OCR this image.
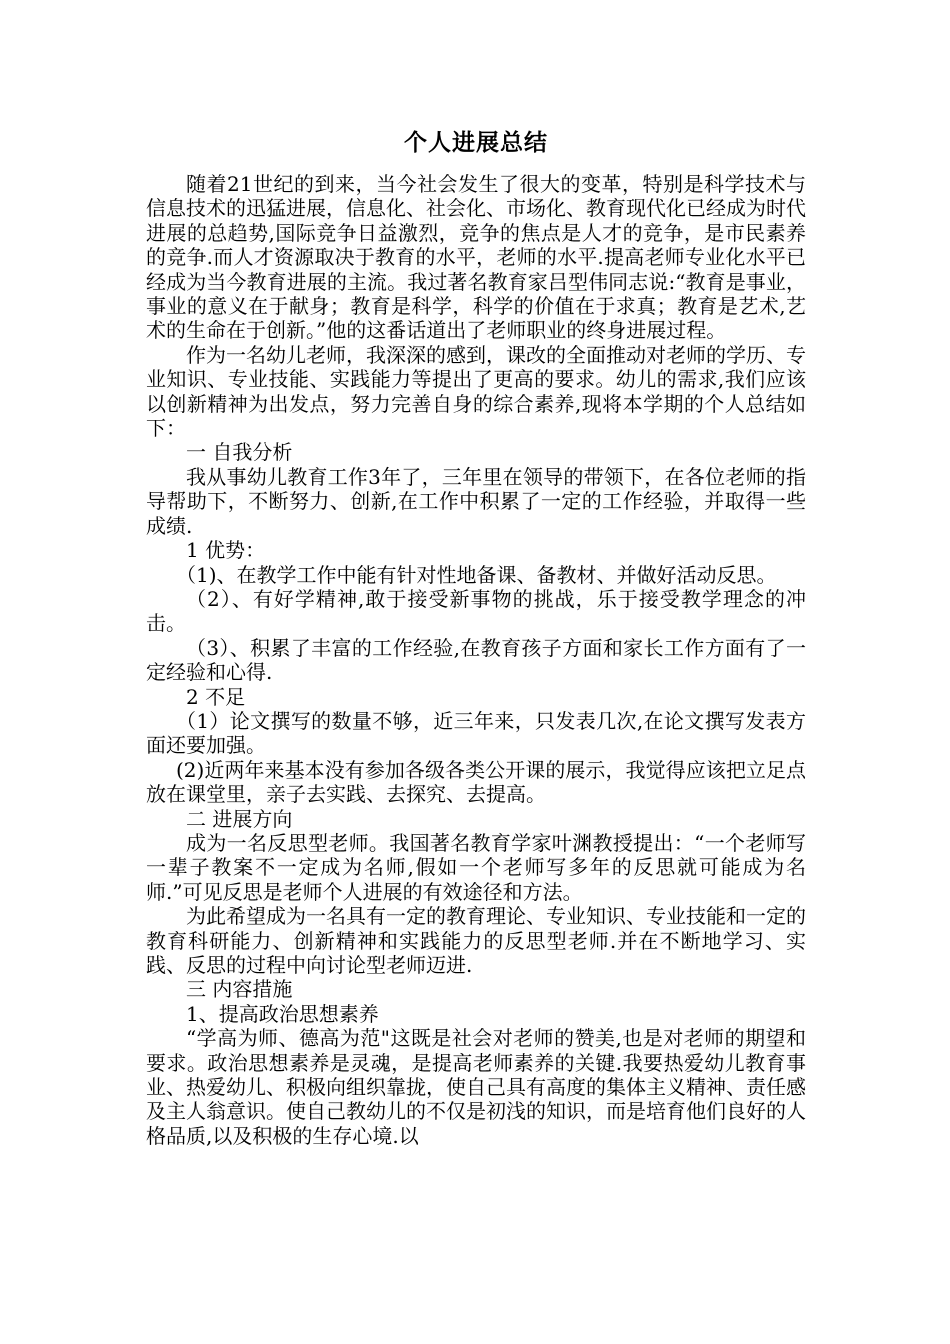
个人进展总结

随着21世纪的到来，当今社会发生了很大的变革，特别是科学技术与信息技术的迅猛进展，信息化、社会化、市场化、教育现代化已经成为时代进展的总趋势,国际竞争日益激烈，竞争的焦点是人才的竞争，是市民素养的竞争.而人才资源取决于教育的水平，老师的水平.提高老师专业化水平已经成为当今教育进展的主流。我过著名教育家吕型伟同志说:“教育是事业，事业的意义在于献身；教育是科学，科学的价值在于求真；教育是艺术,艺术的生命在于创新。”他的这番话道出了老师职业的终身进展过程。

作为一名幼儿老师，我深深的感到，课改的全面推动对老师的学历、专业知识、专业技能、实践能力等提出了更高的要求。幼儿的需求,我们应该以创新精神为出发点，努力完善自身的综合素养,现将本学期的个人总结如下：

一 自我分析

我从事幼儿教育工作3年了，三年里在领导的带领下，在各位老师的指导帮助下，不断努力、创新,在工作中积累了一定的工作经验，并取得一些成绩.

1 优势：

（1)、在教学工作中能有针对性地备课、备教材、并做好活动反思。

（2）、有好学精神,敢于接受新事物的挑战，乐于接受教学理念的冲击。

（3）、积累了丰富的工作经验,在教育孩子方面和家长工作方面有了一定经验和心得.

2 不足

（1）论文撰写的数量不够，近三年来，只发表几次,在论文撰写发表方面还要加强。

(2)近两年来基本没有参加各级各类公开课的展示，我觉得应该把立足点放在课堂里，亲子去实践、去探究、去提高。

二 进展方向

成为一名反思型老师。我国著名教育学家叶渊教授提出：“一个老师写一辈子教案不一定成为名师,假如一个老师写多年的反思就可能成为名师.”可见反思是老师个人进展的有效途径和方法。

为此希望成为一名具有一定的教育理论、专业知识、专业技能和一定的教育科研能力、创新精神和实践能力的反思型老师.并在不断地学习、实践、反思的过程中向讨论型老师迈进.

三 内容措施

1、提高政治思想素养

“学高为师、德高为范"这既是社会对老师的赞美,也是对老师的期望和要求。政治思想素养是灵魂，是提高老师素养的关键.我要热爱幼儿教育事业、热爱幼儿、积极向组织靠拢，使自己具有高度的集体主义精神、责任感及主人翁意识。使自己教幼儿的不仅是初浅的知识，而是培育他们良好的人格品质,以及积极的生存心境.以
